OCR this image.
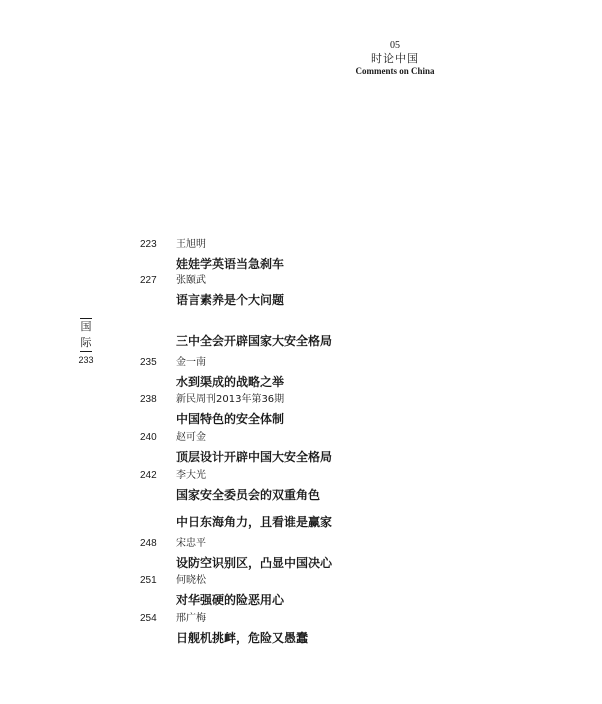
05
时论中国
Comments on China
国
际
233
223 王旭明
娃娃学英语当急刹车
227 张颐武
语言素养是个大问题
三中全会开辟国家大安全格局
235 金一南
水到渠成的战略之举
238 新民周刊2013年第36期
中国特色的安全体制
240 赵可金
顶层设计开辟中国大安全格局
242 李大光
国家安全委员会的双重角色
中日东海角力，且看谁是赢家
248 宋忠平
设防空识别区，凸显中国决心
251 何晓松
对华强硬的险恶用心
254 邢广梅
日舰机挑衅，危险又愚蠢
